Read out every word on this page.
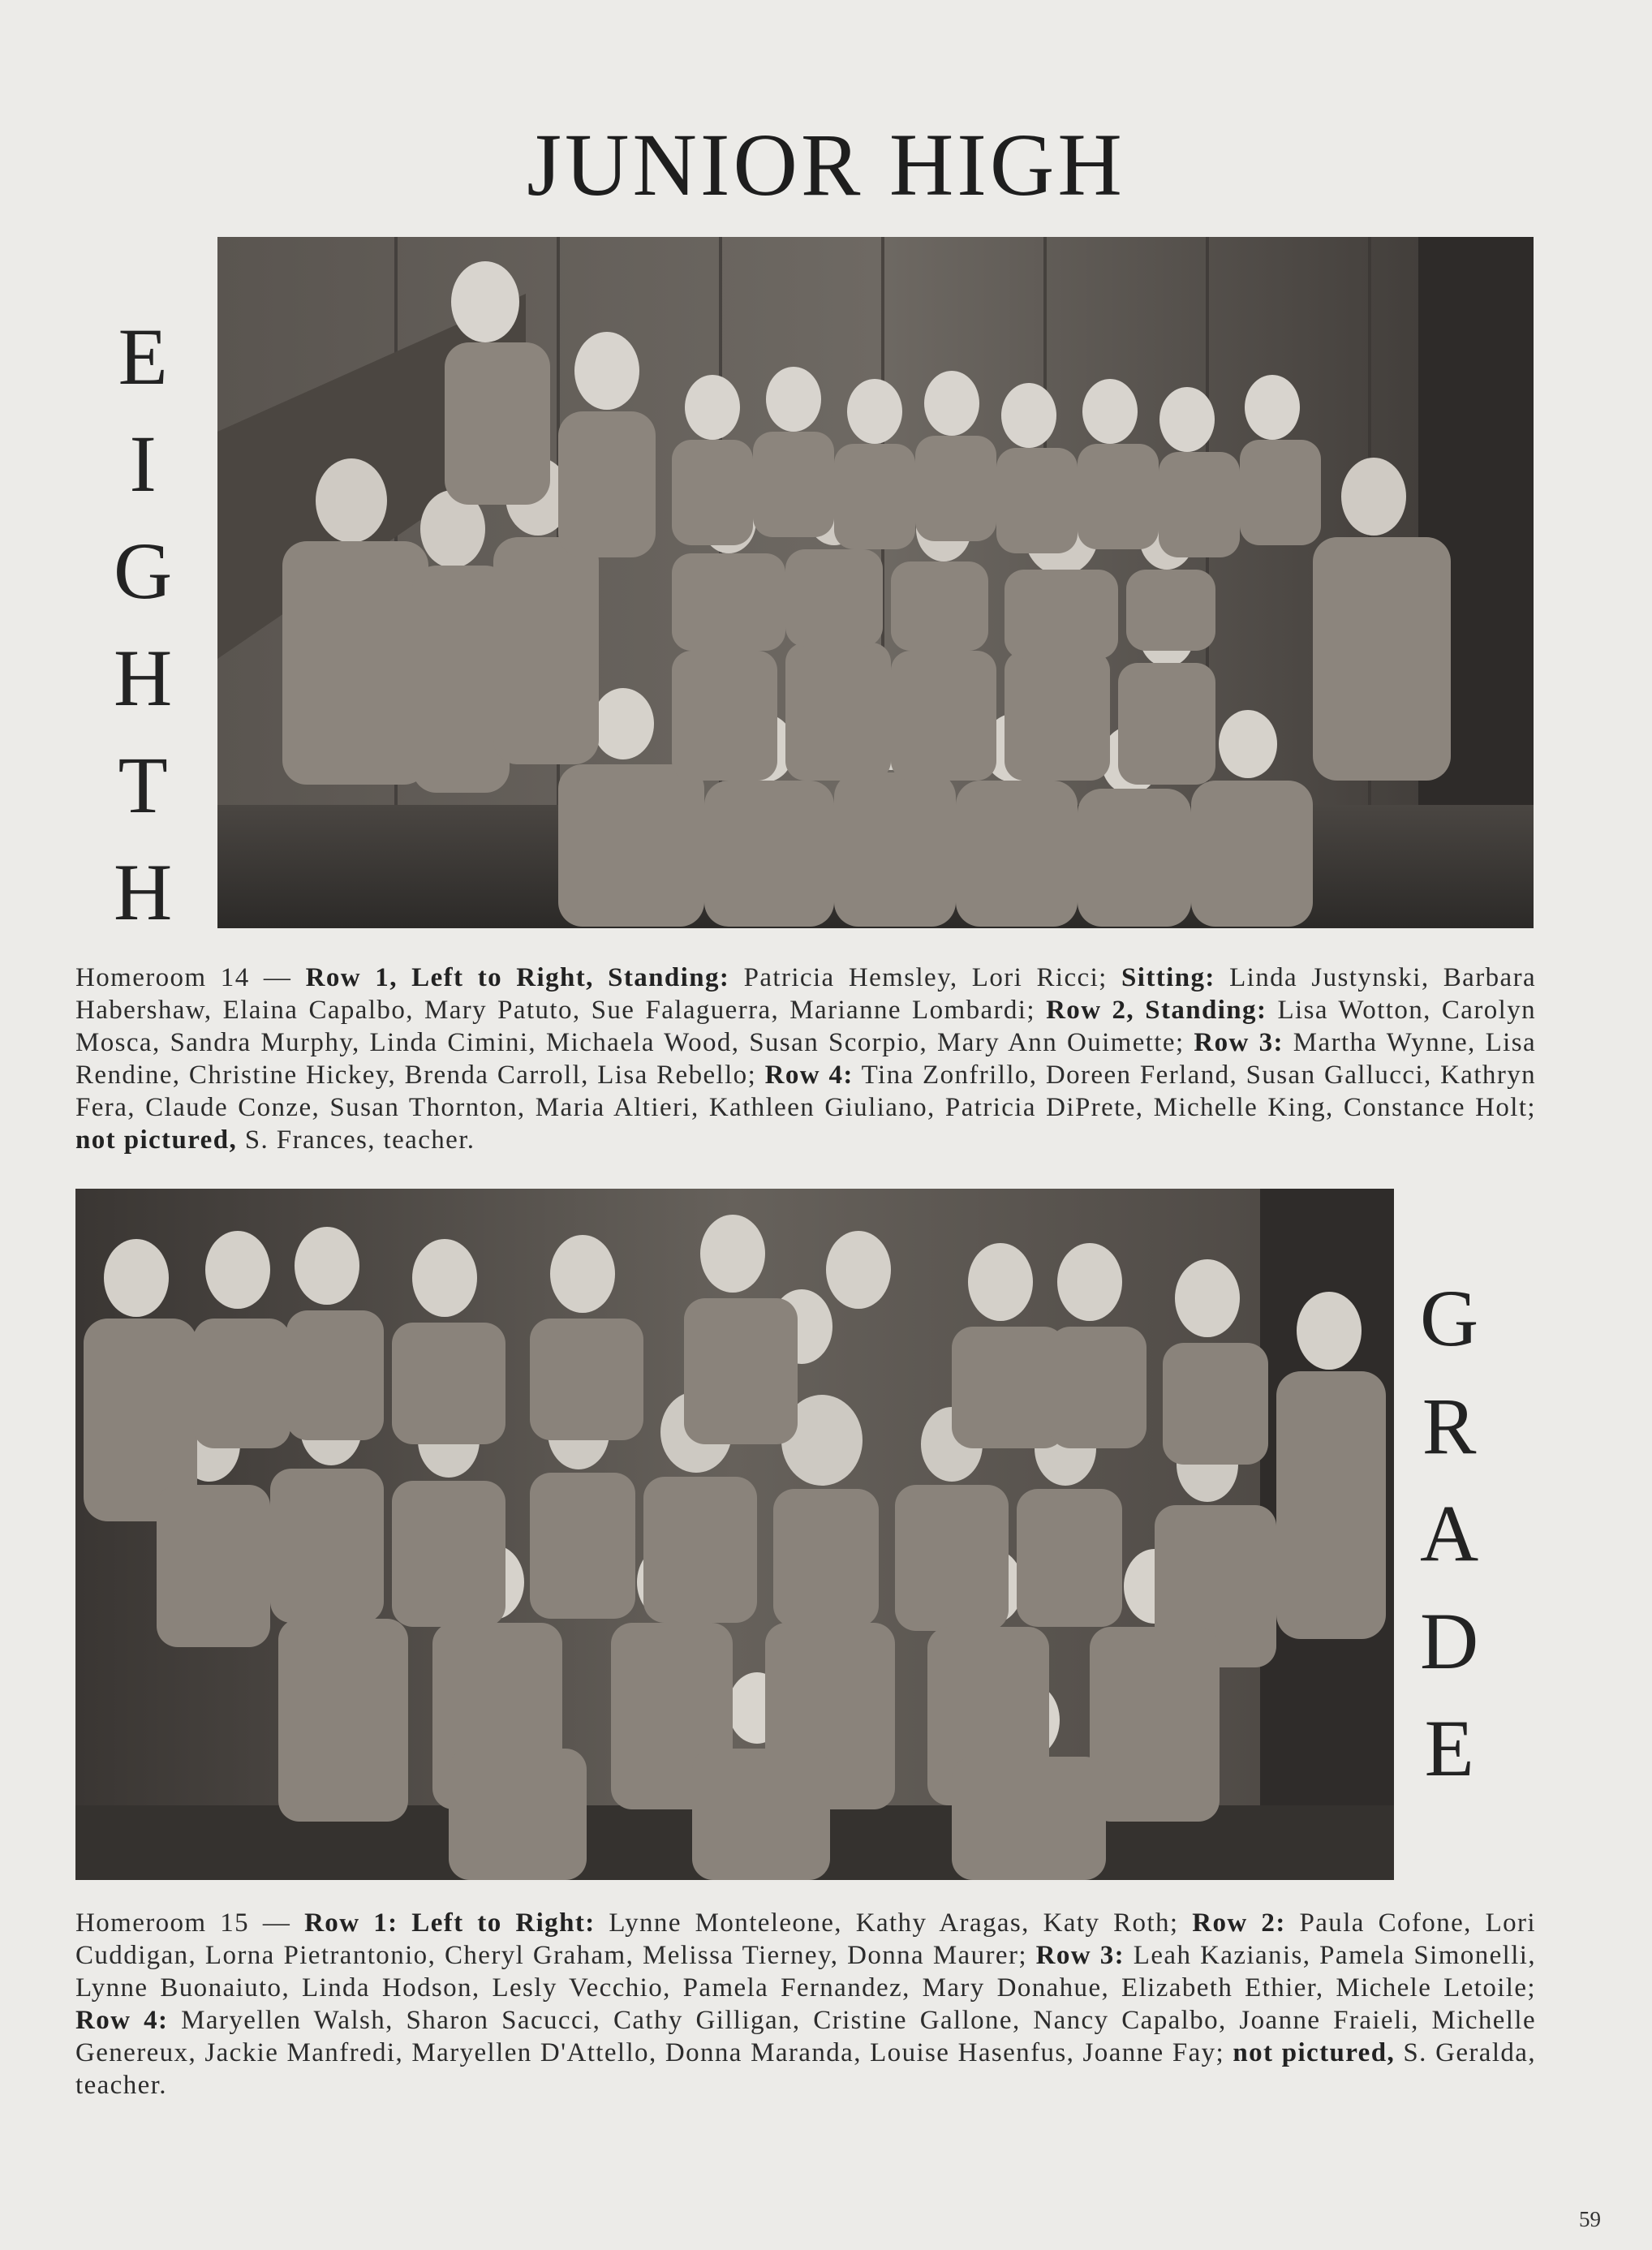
JUNIOR HIGH
E
I
G
H
T
H
Homeroom 14 — Row 1, Left to Right, Standing: Patricia Hemsley, Lori Ricci; Sitting: Linda Justynski, Barbara Habershaw, Elaina Capalbo, Mary Patuto, Sue Falaguerra, Marianne Lombardi; Row 2, Standing: Lisa Wotton, Carolyn Mosca, Sandra Murphy, Linda Cimini, Michaela Wood, Susan Scorpio, Mary Ann Ouimette; Row 3: Martha Wynne, Lisa Rendine, Christine Hickey, Brenda Carroll, Lisa Rebello; Row 4: Tina Zonfrillo, Doreen Ferland, Susan Gallucci, Kathryn Fera, Claude Conze, Susan Thornton, Maria Altieri, Kathleen Giuliano, Patricia DiPrete, Michelle King, Constance Holt; not pictured, S. Frances, teacher.
G
R
A
D
E
Homeroom 15 — Row 1: Left to Right: Lynne Monteleone, Kathy Aragas, Katy Roth; Row 2: Paula Cofone, Lori Cuddigan, Lorna Pietrantonio, Cheryl Graham, Melissa Tierney, Donna Maurer; Row 3: Leah Kazianis, Pamela Simonelli, Lynne Buonaiuto, Linda Hodson, Lesly Vecchio, Pamela Fernandez, Mary Donahue, Elizabeth Ethier, Michele Letoile; Row 4: Maryellen Walsh, Sharon Sacucci, Cathy Gilligan, Cristine Gallone, Nancy Capalbo, Joanne Fraieli, Michelle Genereux, Jackie Manfredi, Maryellen D'Attello, Donna Maranda, Louise Hasenfus, Joanne Fay; not pictured, S. Geralda, teacher.
59
